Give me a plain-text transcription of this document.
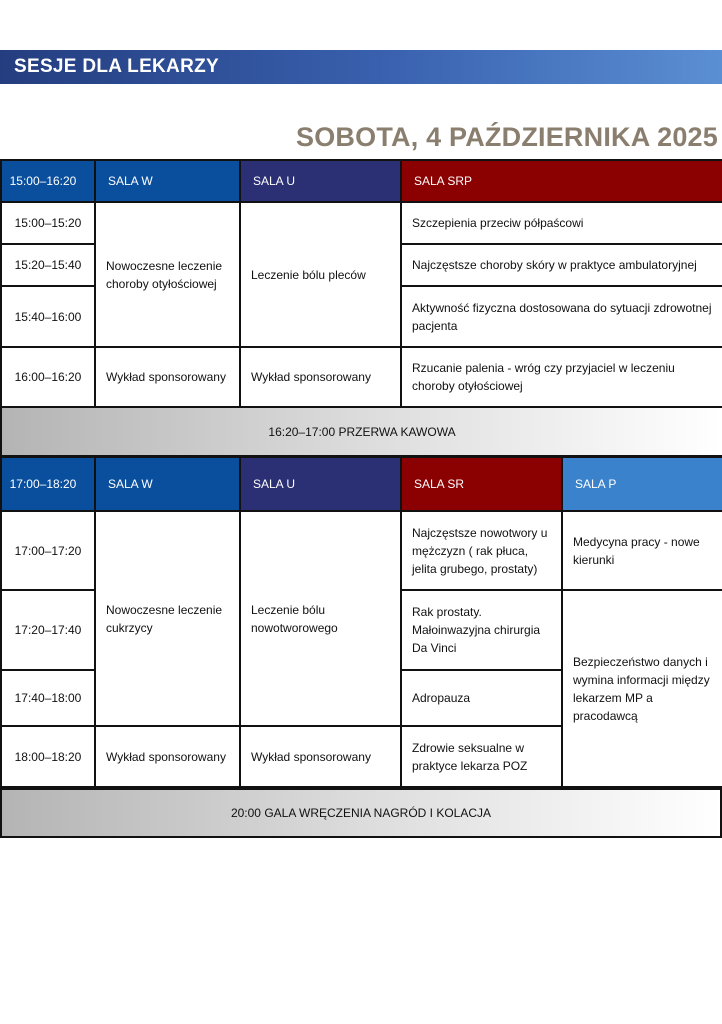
SESJE DLA LEKARZY
SOBOTA, 4 PAŹDZIERNIKA 2025
15:00–16:20	SALA W	SALA U	SALA SRP
15:00–15:20	Nowoczesne leczenie choroby otyłościowej	Leczenie bólu pleców	Szczepienia przeciw półpaścowi
15:20–15:40			Najczęstsze choroby skóry w praktyce ambulatoryjnej
15:40–16:00			Aktywność fizyczna dostosowana do sytuacji zdrowotnej pacjenta
16:00–16:20	Wykład sponsorowany	Wykład sponsorowany	Rzucanie palenia - wróg czy przyjaciel w leczeniu choroby otyłościowej
16:20–17:00 PRZERWA KAWOWA			
17:00–18:20	SALA W	SALA U	SALA SR	SALA P
17:00–17:20	Nowoczesne leczenie cukrzycy	Leczenie bólu nowotworowego	Najczęstsze nowotwory u mężczyzn ( rak płuca, jelita grubego, prostaty)	Medycyna pracy - nowe kierunki
17:20–17:40			Rak prostaty. Małoinwazyjna chirurgia Da Vinci	Bezpieczeństwo danych i wymina informacji między lekarzem MP a pracodawcą
17:40–18:00			Adropauza	
18:00–18:20	Wykład sponsorowany	Wykład sponsorowany	Zdrowie seksualne w praktyce lekarza POZ	
20:00 GALA WRĘCZENIA NAGRÓD I KOLACJA
